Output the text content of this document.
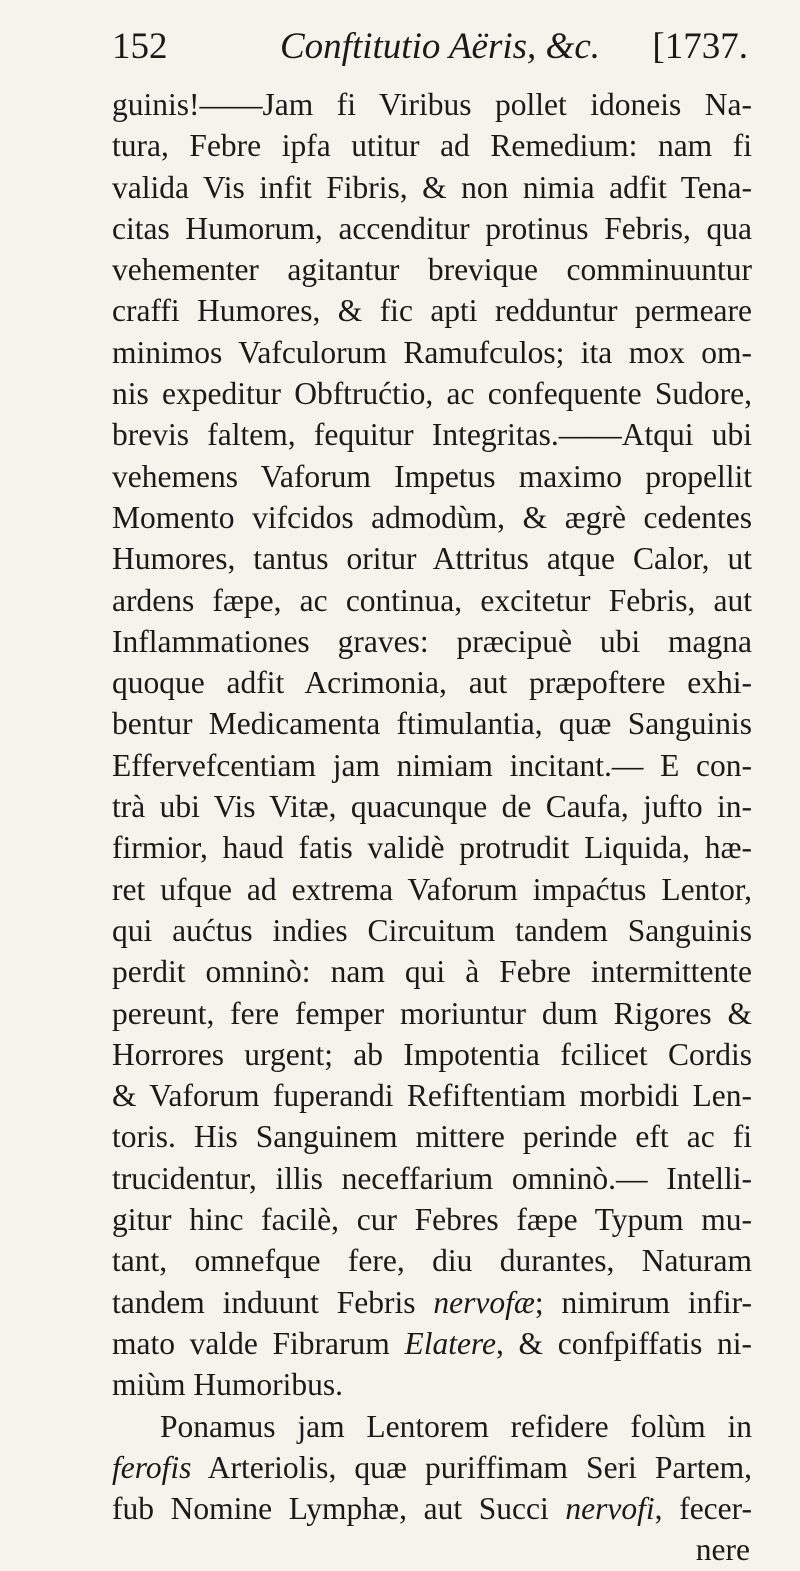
152	Conftitutio Aëris, &c. [1737.
guinis!——Jam fi Viribus pollet idoneis Na-
tura, Febre ipfa utitur ad Remedium: nam fi
valida Vis infit Fibris, & non nimia adfit Tena-
citas Humorum, accenditur protinus Febris, qua
vehementer agitantur brevique comminuuntur
craffi Humores, & fic apti redduntur permeare
minimos Vafculorum Ramufculos; ita mox om-
nis expeditur Obftrućtio, ac confequente Sudore,
brevis faltem, fequitur Integritas.——Atqui ubi
vehemens Vaforum Impetus maximo propellit
Momento vifcidos admodùm, & ægrè cedentes
Humores, tantus oritur Attritus atque Calor, ut
ardens fæpe, ac continua, excitetur Febris, aut
Inflammationes graves: præcipuè ubi magna
quoque adfit Acrimonia, aut præpoftere exhi-
bentur Medicamenta ftimulantia, quæ Sanguinis
Effervefcentiam jam nimiam incitant.— E con-
trà ubi Vis Vitæ, quacunque de Caufa, jufto in-
firmior, haud fatis validè protrudit Liquida, hæ-
ret ufque ad extrema Vaforum impaćtus Lentor,
qui aućtus indies Circuitum tandem Sanguinis
perdit omninò: nam qui à Febre intermittente
pereunt, fere femper moriuntur dum Rigores &
Horrores urgent; ab Impotentia fcilicet Cordis
& Vaforum fuperandi Refiftentiam morbidi Len-
toris. His Sanguinem mittere perinde eft ac fi
trucidentur, illis neceffarium omninò.— Intelli-
gitur hinc facilè, cur Febres fæpe Typum mu-
tant, omnefque fere, diu durantes, Naturam
tandem induunt Febris nervofæ; nimirum infir-
mato valde Fibrarum Elatere, & confpiffatis ni-
miùm Humoribus.
Ponamus jam Lentorem refidere folùm in
ferofis Arteriolis, quæ puriffimam Seri Partem,
fub Nomine Lymphæ, aut Succi nervofi, fecer-
nere
